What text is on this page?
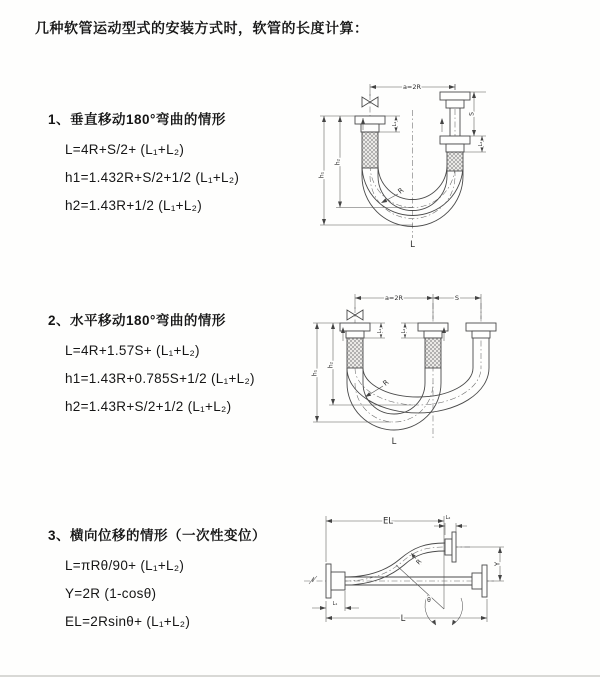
几种软管运动型式的安装方式时，软管的长度计算：
1、垂直移动180°弯曲的情形
L=4R+S/2+ (L₁+L₂)
h1=1.432R+S/2+1/2 (L₁+L₂)
h2=1.43R+1/2 (L₁+L₂)
2、水平移动180°弯曲的情形
L=4R+1.57S+ (L₁+L₂)
h1=1.43R+0.785S+1/2 (L₁+L₂)
h2=1.43R+S/2+1/2 (L₁+L₂)
3、横向位移的情形（一次性变位）
L=πRθ/90+ (L₁+L₂)
Y=2R (1-cosθ)
EL=2Rsinθ+ (L₁+L₂)
a=2R
h₂
h₁
L₁
S
L₂
R
L
a=2R	S
h₂
h₁
L₁	L₂
R
L
θ
EL	L₂
Y
R
L₁
L
